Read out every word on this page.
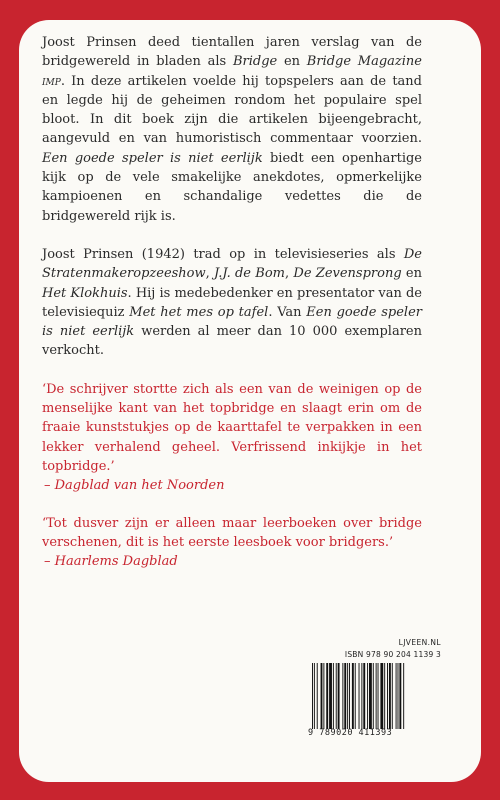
Joost Prinsen deed tientallen jaren verslag van de bridgewereld in bladen als Bridge en Bridge Magazine imp. In deze artikelen voelde hij topspelers aan de tand en legde hij de geheimen rondom het populaire spel bloot. In dit boek zijn die artikelen bijeengebracht, aangevuld en van humoristisch commentaar voorzien. Een goede speler is niet eerlijk biedt een openhartige kijk op de vele smakelijke anekdotes, opmerkelijke kampioenen en schandalige vedettes die de bridgewereld rijk is.

Joost Prinsen (1942) trad op in televisieseries als De Stratenmakeropzeeshow, J.J. de Bom, De Zevensprong en Het Klokhuis. Hij is medebedenker en presentator van de televisiequiz Met het mes op tafel. Van Een goede speler is niet eerlijk werden al meer dan 10 000 exemplaren verkocht.

‘De schrijver stortte zich als een van de weinigen op de menselijke kant van het topbridge en slaagt erin om de fraaie kunststukjes op de kaarttafel te verpakken in een lekker verhalend geheel. Verfrissend inkijkje in het topbridge.’

– Dagblad van het Noorden

‘Tot dusver zijn er alleen maar leerboeken over bridge verschenen, dit is het eerste leesboek voor bridgers.’

– Haarlems Dagblad

LJVEEN.NL
ISBN 978 90 204 1139 3
9 789020 411393
